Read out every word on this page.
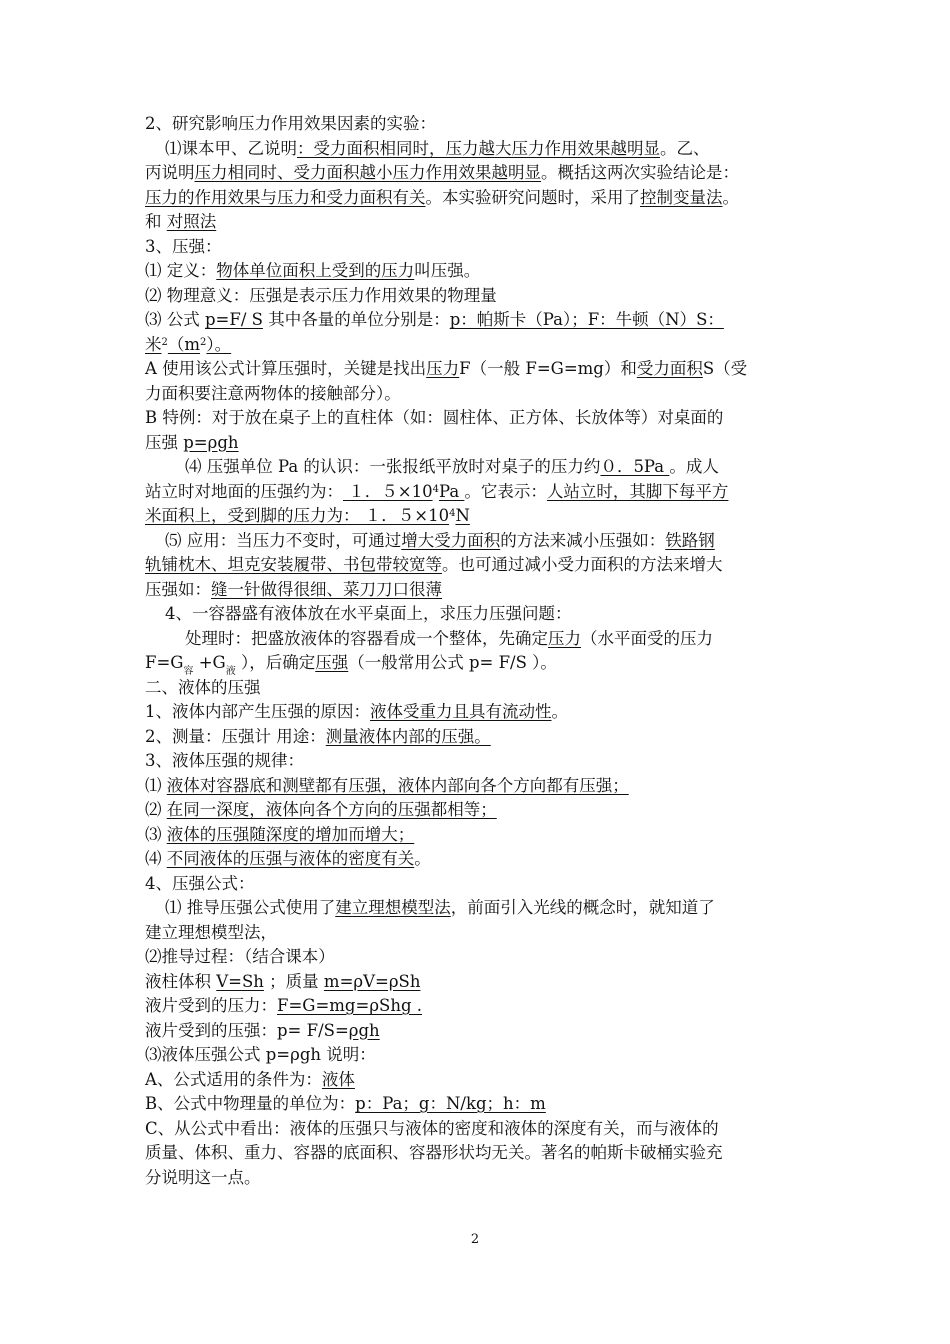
2、研究影响压力作用效果因素的实验：
⑴课本甲、乙说明：受力面积相同时，压力越大压力作用效果越明显。乙、
丙说明压力相同时、受力面积越小压力作用效果越明显。概括这两次实验结论是：
压力的作用效果与压力和受力面积有关。本实验研究问题时，采用了控制变量法。
和 对照法
3、压强：
⑴ 定义：物体单位面积上受到的压力叫压强。
⑵ 物理意义：压强是表示压力作用效果的物理量
⑶ 公式 p=F/ S 其中各量的单位分别是：p：帕斯卡（Pa）；F：牛顿（N）S：
米$^2(m^2)$。
A 使用该公式计算压强时，关键是找出压力F（一般 F=G=mg）和受力面积S（受
力面积要注意两物体的接触部分）。
B 特例：对于放在桌子上的直柱体（如：圆柱体、正方体、长放体等）对桌面的
压强 p=ρgh
⑷ 压强单位 Pa 的认识：一张报纸平放时对桌子的压力约０．5Pa 。成人
站立时对地面的压强约为： １．$5\times 10^4Pa$ 。它表示：人站立时，其脚下每平方
米面积上，受到脚的压力为： １．$5\times 10^4N$
⑸ 应用：当压力不变时，可通过增大受力面积的方法来减小压强如：铁路钢
轨铺枕木、坦克安装履带、书包带较宽等。也可通过减小受力面积的方法来增大
压强如：缝一针做得很细、菜刀刀口很薄
4、一容器盛有液体放在水平桌面上，求压力压强问题：
处理时：把盛放液体的容器看成一个整体，先确定压力（水平面受的压力
$F=G_容 +G_液$ ），后确定压强（一般常用公式 p= F/S ）。
二、液体的压强
1、液体内部产生压强的原因：液体受重力且具有流动性。
2、测量：压强计 用途：测量液体内部的压强。
3、液体压强的规律：
⑴ 液体对容器底和测壁都有压强，液体内部向各个方向都有压强；
⑵ 在同一深度，液体向各个方向的压强都相等；
⑶ 液体的压强随深度的增加而增大；
⑷ 不同液体的压强与液体的密度有关。
4、压强公式：
⑴ 推导压强公式使用了建立理想模型法，前面引入光线的概念时，就知道了
建立理想模型法，
⑵推导过程：（结合课本）
液柱体积 V=Sh ；质量 m=ρV=ρSh
液片受到的压力：F=G=mg=ρShg .
液片受到的压强：p= F/S=ρgh
⑶液体压强公式 p=ρgh 说明：
A、公式适用的条件为：液体
B、公式中物理量的单位为：p：Pa；g：N/kg；h：m
C、从公式中看出：液体的压强只与液体的密度和液体的深度有关，而与液体的
质量、体积、重力、容器的底面积、容器形状均无关。著名的帕斯卡破桶实验充
分说明这一点。
2
